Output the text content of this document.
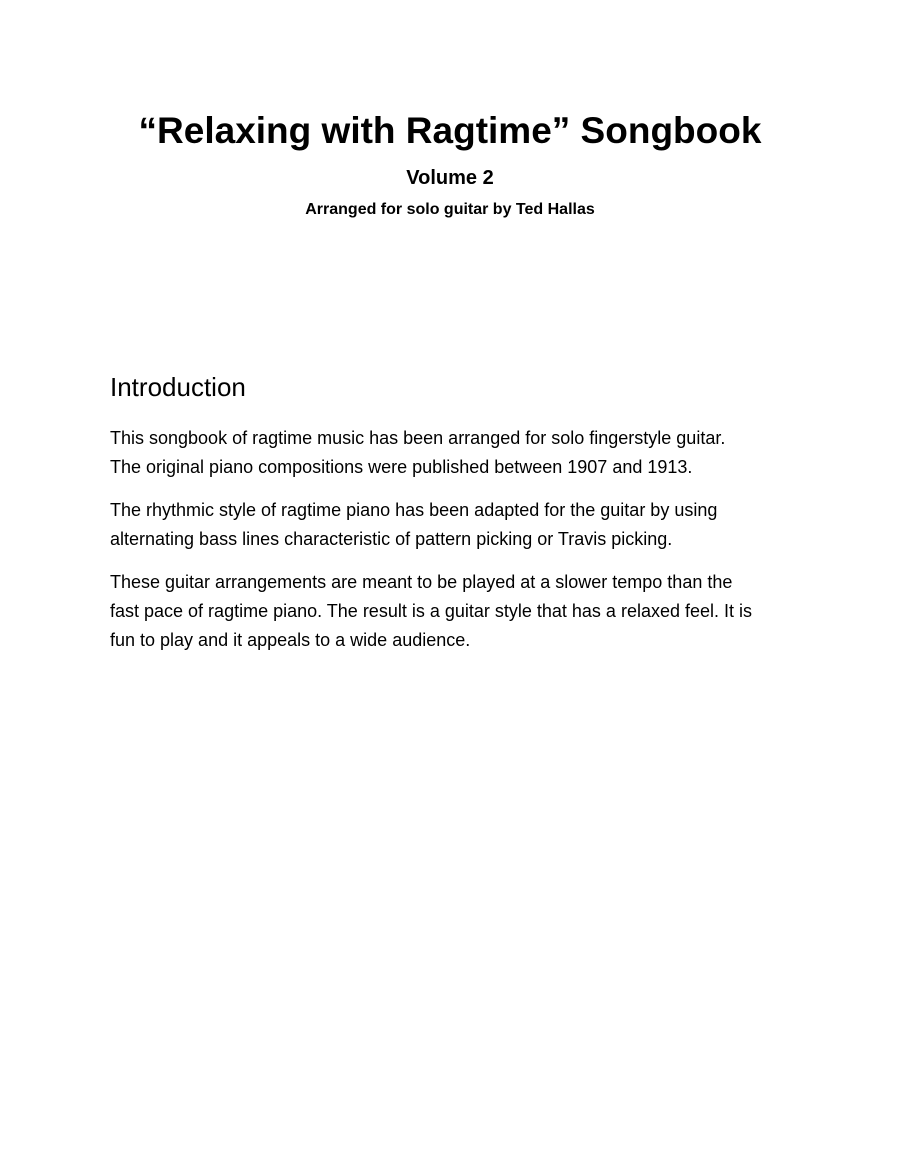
“Relaxing with Ragtime” Songbook
Volume 2
Arranged for solo guitar by Ted Hallas
Introduction

This songbook of ragtime music has been arranged for solo fingerstyle guitar.
The original piano compositions were published between 1907 and 1913.

The rhythmic style of ragtime piano has been adapted for the guitar by using
alternating bass lines characteristic of pattern picking or Travis picking.

These guitar arrangements are meant to be played at a slower tempo than the
fast pace of ragtime piano. The result is a guitar style that has a relaxed feel. It is
fun to play and it appeals to a wide audience.
